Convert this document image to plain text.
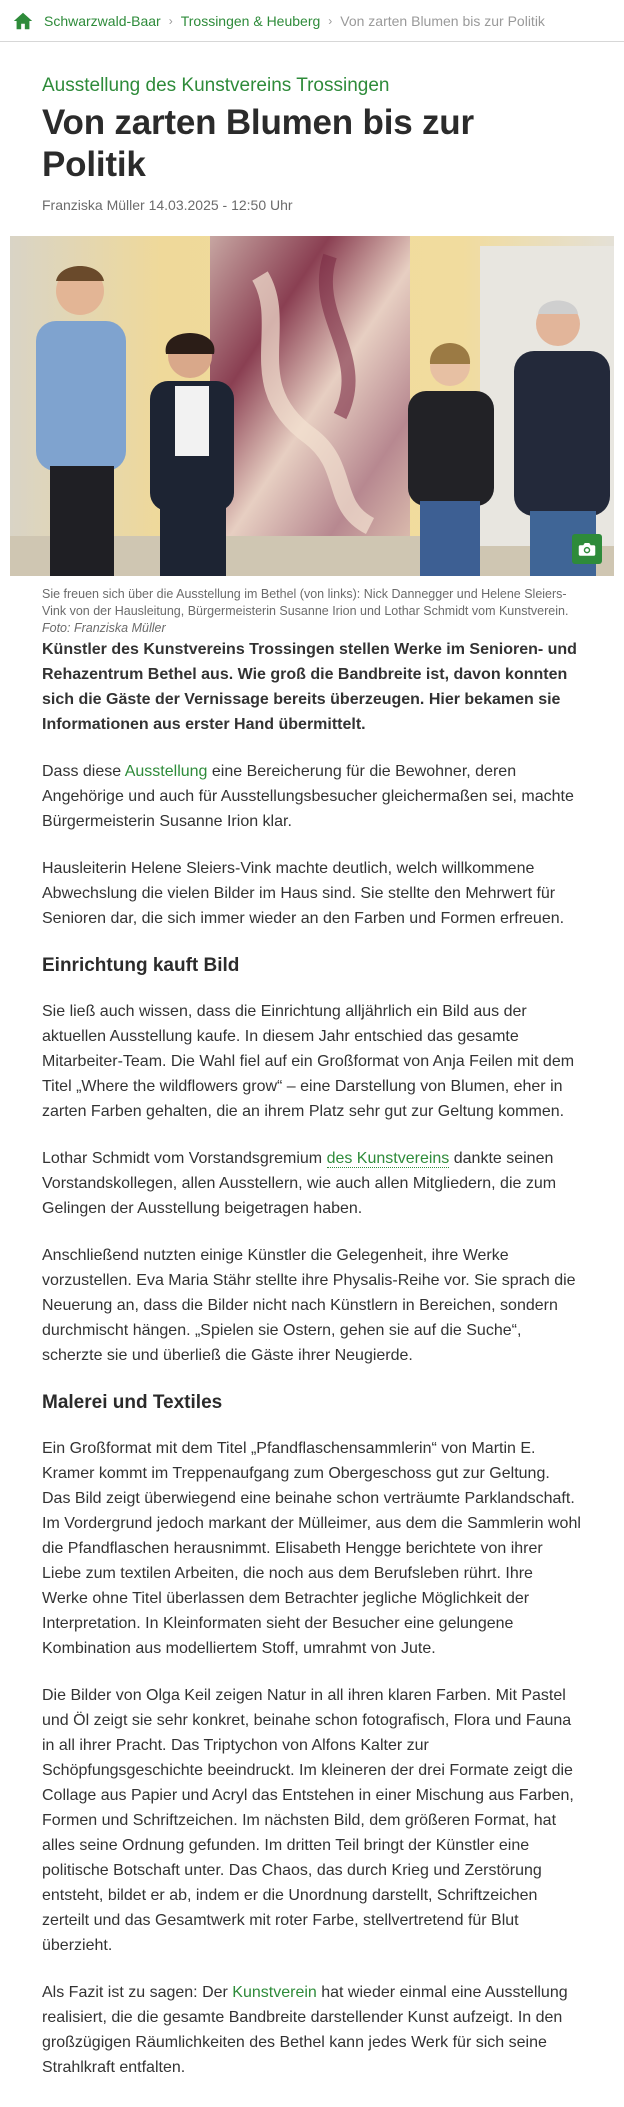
Schwarzwald-Baar › Trossingen & Heuberg › Von zarten Blumen bis zur Politik
Ausstellung des Kunstvereins Trossingen
Von zarten Blumen bis zur Politik
Franziska Müller 14.03.2025 - 12:50 Uhr
Sie freuen sich über die Ausstellung im Bethel (von links): Nick Dannegger und Helene Sleiers-Vink von der Hausleitung, Bürgermeisterin Susanne Irion und Lothar Schmidt vom Kunstverein. Foto: Franziska Müller

Künstler des Kunstvereins Trossingen stellen Werke im Senioren- und Rehazentrum Bethel aus. Wie groß die Bandbreite ist, davon konnten sich die Gäste der Vernissage bereits überzeugen. Hier bekamen sie Informationen aus erster Hand übermittelt.

Dass diese Ausstellung eine Bereicherung für die Bewohner, deren Angehörige und auch für Ausstellungsbesucher gleichermaßen sei, machte Bürgermeisterin Susanne Irion klar.

Hausleiterin Helene Sleiers-Vink machte deutlich, welch willkommene Abwechslung die vielen Bilder im Haus sind. Sie stellte den Mehrwert für Senioren dar, die sich immer wieder an den Farben und Formen erfreuen.

Einrichtung kauft Bild

Sie ließ auch wissen, dass die Einrichtung alljährlich ein Bild aus der aktuellen Ausstellung kaufe. In diesem Jahr entschied das gesamte Mitarbeiter-Team. Die Wahl fiel auf ein Großformat von Anja Feilen mit dem Titel „Where the wildflowers grow“ – eine Darstellung von Blumen, eher in zarten Farben gehalten, die an ihrem Platz sehr gut zur Geltung kommen.

Lothar Schmidt vom Vorstandsgremium des Kunstvereins dankte seinen Vorstandskollegen, allen Ausstellern, wie auch allen Mitgliedern, die zum Gelingen der Ausstellung beigetragen haben.

Anschließend nutzten einige Künstler die Gelegenheit, ihre Werke vorzustellen. Eva Maria Stähr stellte ihre Physalis-Reihe vor. Sie sprach die Neuerung an, dass die Bilder nicht nach Künstlern in Bereichen, sondern durchmischt hängen. „Spielen sie Ostern, gehen sie auf die Suche“, scherzte sie und überließ die Gäste ihrer Neugierde.

Malerei und Textiles

Ein Großformat mit dem Titel „Pfandflaschensammlerin“ von Martin E. Kramer kommt im Treppenaufgang zum Obergeschoss gut zur Geltung. Das Bild zeigt überwiegend eine beinahe schon verträumte Parklandschaft. Im Vordergrund jedoch markant der Mülleimer, aus dem die Sammlerin wohl die Pfandflaschen herausnimmt. Elisabeth Hengge berichtete von ihrer Liebe zum textilen Arbeiten, die noch aus dem Berufsleben rührt. Ihre Werke ohne Titel überlassen dem Betrachter jegliche Möglichkeit der Interpretation. In Kleinformaten sieht der Besucher eine gelungene Kombination aus modelliertem Stoff, umrahmt von Jute.

Die Bilder von Olga Keil zeigen Natur in all ihren klaren Farben. Mit Pastel und Öl zeigt sie sehr konkret, beinahe schon fotografisch, Flora und Fauna in all ihrer Pracht. Das Triptychon von Alfons Kalter zur Schöpfungsgeschichte beeindruckt. Im kleineren der drei Formate zeigt die Collage aus Papier und Acryl das Entstehen in einer Mischung aus Farben, Formen und Schriftzeichen. Im nächsten Bild, dem größeren Format, hat alles seine Ordnung gefunden. Im dritten Teil bringt der Künstler eine politische Botschaft unter. Das Chaos, das durch Krieg und Zerstörung entsteht, bildet er ab, indem er die Unordnung darstellt, Schriftzeichen zerteilt und das Gesamtwerk mit roter Farbe, stellvertretend für Blut überzieht.

Als Fazit ist zu sagen: Der Kunstverein hat wieder einmal eine Ausstellung realisiert, die die gesamte Bandbreite darstellender Kunst aufzeigt. In den großzügigen Räumlichkeiten des Bethel kann jedes Werk für sich seine Strahlkraft entfalten.
